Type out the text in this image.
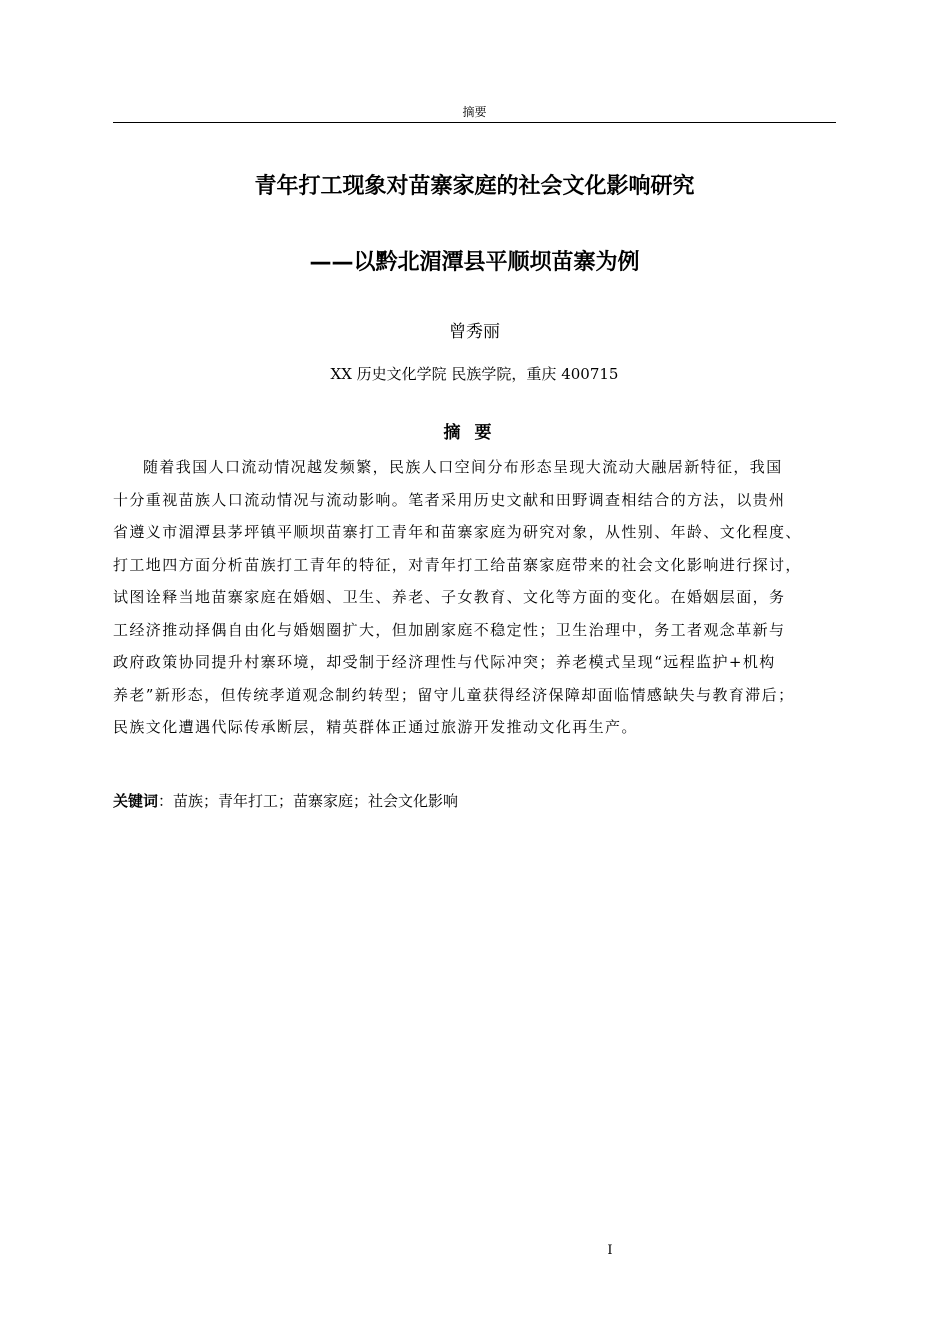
摘要
青年打工现象对苗寨家庭的社会文化影响研究
——以黔北湄潭县平顺坝苗寨为例
曾秀丽
XX 历史文化学院 民族学院，重庆 400715
摘要
随着我国人口流动情况越发频繁，民族人口空间分布形态呈现大流动大融居新特征，我国
十分重视苗族人口流动情况与流动影响。笔者采用历史文献和田野调查相结合的方法，以贵州
省遵义市湄潭县茅坪镇平顺坝苗寨打工青年和苗寨家庭为研究对象，从性别、年龄、文化程度、
打工地四方面分析苗族打工青年的特征，对青年打工给苗寨家庭带来的社会文化影响进行探讨，
试图诠释当地苗寨家庭在婚姻、卫生、养老、子女教育、文化等方面的变化。在婚姻层面，务
工经济推动择偶自由化与婚姻圈扩大，但加剧家庭不稳定性；卫生治理中，务工者观念革新与
政府政策协同提升村寨环境，却受制于经济理性与代际冲突；养老模式呈现“远程监护+机构
养老”新形态，但传统孝道观念制约转型；留守儿童获得经济保障却面临情感缺失与教育滞后；
民族文化遭遇代际传承断层，精英群体正通过旅游开发推动文化再生产。
关键词：苗族；青年打工；苗寨家庭；社会文化影响
I
